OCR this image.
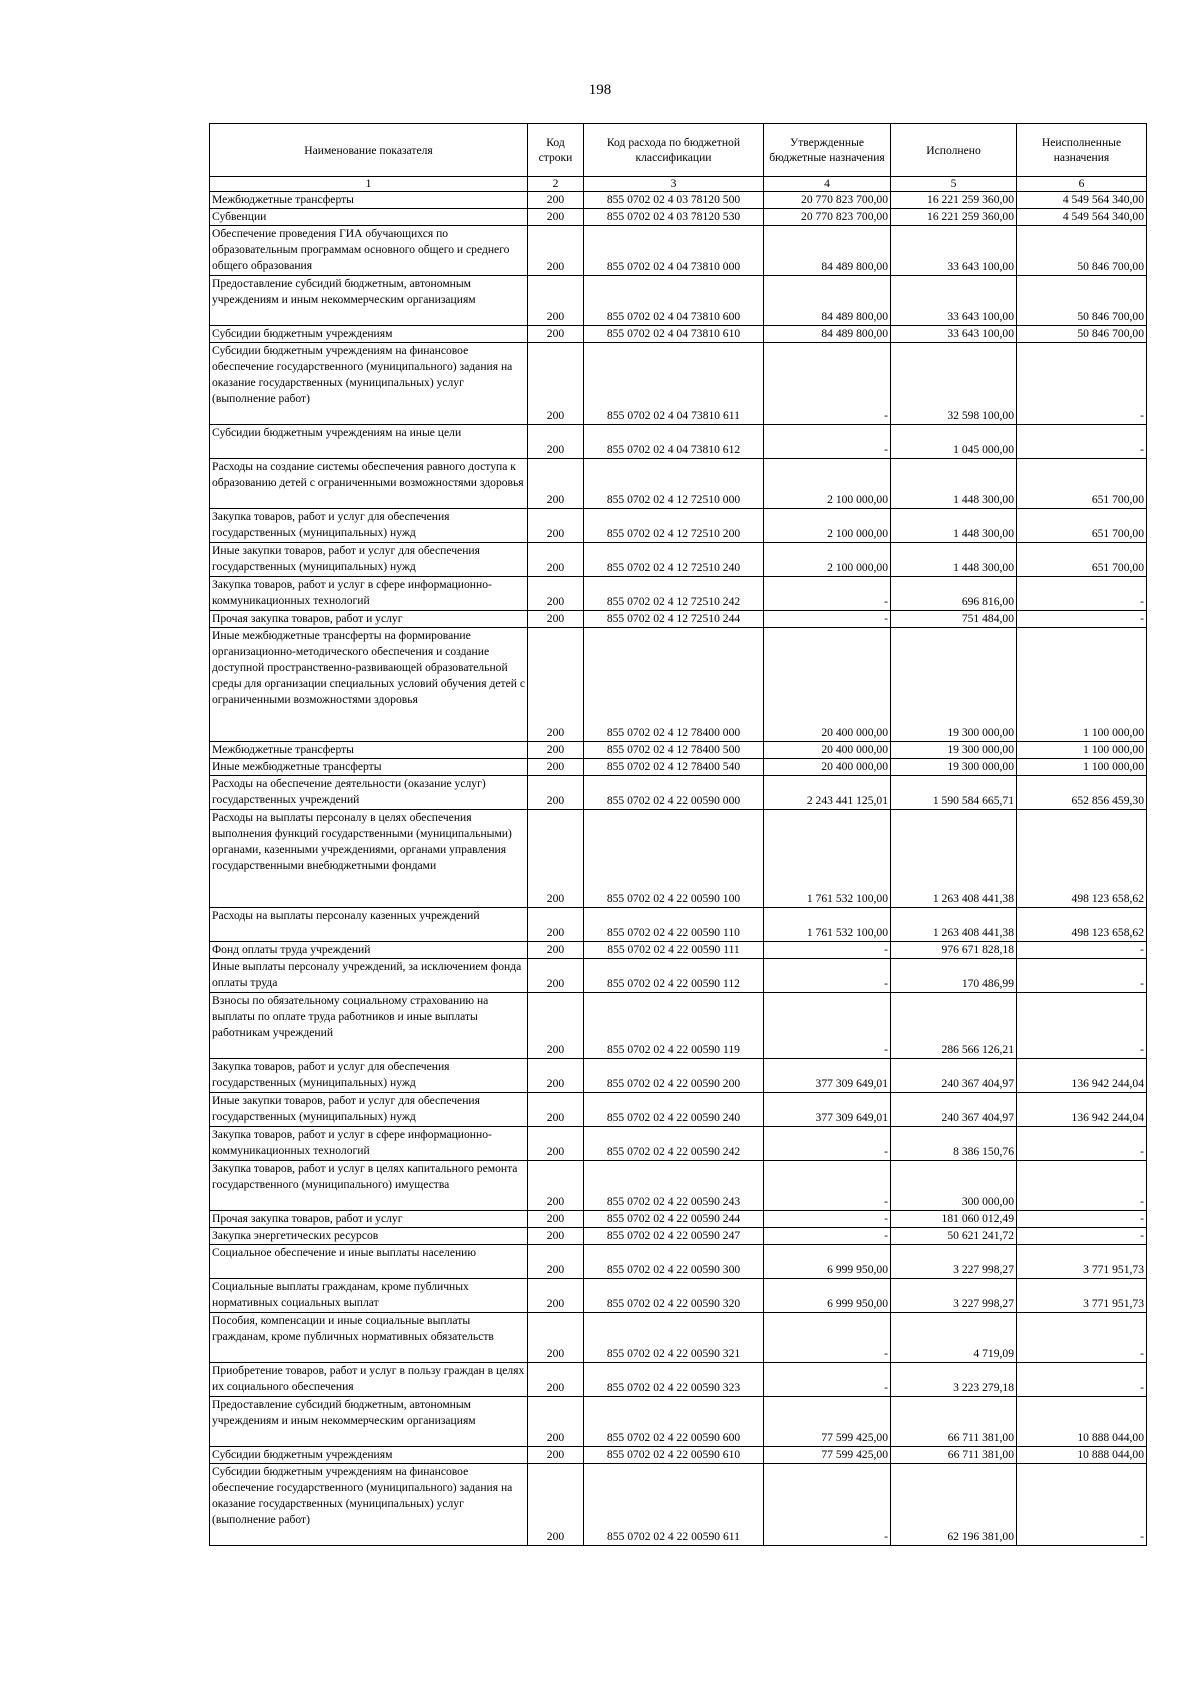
198
Наименование показателя	Код строки	Код расхода по бюджетной классификации	Утвержденные бюджетные назначения	Исполнено	Неисполненные назначения
1	2	3	4	5	6
Межбюджетные трансферты	200	855 0702 02 4 03 78120 500	20 770 823 700,00	16 221 259 360,00	4 549 564 340,00
Субвенции	200	855 0702 02 4 03 78120 530	20 770 823 700,00	16 221 259 360,00	4 549 564 340,00
Обеспечение проведения ГИА обучающихся по образовательным программам основного общего и среднего общего образования	200	855 0702 02 4 04 73810 000	84 489 800,00	33 643 100,00	50 846 700,00
Предоставление субсидий бюджетным, автономным учреждениям и иным некоммерческим организациям	200	855 0702 02 4 04 73810 600	84 489 800,00	33 643 100,00	50 846 700,00
Субсидии бюджетным учреждениям	200	855 0702 02 4 04 73810 610	84 489 800,00	33 643 100,00	50 846 700,00
Субсидии бюджетным учреждениям на финансовое обеспечение государственного (муниципального) задания на оказание государственных (муниципальных) услуг (выполнение работ)	200	855 0702 02 4 04 73810 611	-	32 598 100,00	-
Субсидии бюджетным учреждениям на иные цели	200	855 0702 02 4 04 73810 612	-	1 045 000,00	-
Расходы на создание системы обеспечения равного доступа к образованию детей с ограниченными возможностями здоровья	200	855 0702 02 4 12 72510 000	2 100 000,00	1 448 300,00	651 700,00
Закупка товаров, работ и услуг для обеспечения государственных (муниципальных) нужд	200	855 0702 02 4 12 72510 200	2 100 000,00	1 448 300,00	651 700,00
Иные закупки товаров, работ и услуг для обеспечения государственных (муниципальных) нужд	200	855 0702 02 4 12 72510 240	2 100 000,00	1 448 300,00	651 700,00
Закупка товаров, работ и услуг в сфере информационно-коммуникационных технологий	200	855 0702 02 4 12 72510 242	-	696 816,00	-
Прочая закупка товаров, работ и услуг	200	855 0702 02 4 12 72510 244	-	751 484,00	-
Иные межбюджетные трансферты на формирование организационно-методического обеспечения и создание доступной пространственно-развивающей образовательной среды для организации специальных условий обучения детей с ограниченными возможностями здоровья	200	855 0702 02 4 12 78400 000	20 400 000,00	19 300 000,00	1 100 000,00
Межбюджетные трансферты	200	855 0702 02 4 12 78400 500	20 400 000,00	19 300 000,00	1 100 000,00
Иные межбюджетные трансферты	200	855 0702 02 4 12 78400 540	20 400 000,00	19 300 000,00	1 100 000,00
Расходы на обеспечение деятельности (оказание услуг) государственных учреждений	200	855 0702 02 4 22 00590 000	2 243 441 125,01	1 590 584 665,71	652 856 459,30
Расходы на выплаты персоналу в целях обеспечения выполнения функций государственными (муниципальными) органами, казенными учреждениями, органами управления государственными внебюджетными фондами	200	855 0702 02 4 22 00590 100	1 761 532 100,00	1 263 408 441,38	498 123 658,62
Расходы на выплаты персоналу казенных учреждений	200	855 0702 02 4 22 00590 110	1 761 532 100,00	1 263 408 441,38	498 123 658,62
Фонд оплаты труда учреждений	200	855 0702 02 4 22 00590 111	-	976 671 828,18	-
Иные выплаты персоналу учреждений, за исключением фонда оплаты труда	200	855 0702 02 4 22 00590 112	-	170 486,99	-
Взносы по обязательному социальному страхованию на выплаты по оплате труда работников и иные выплаты работникам учреждений	200	855 0702 02 4 22 00590 119	-	286 566 126,21	-
Закупка товаров, работ и услуг для обеспечения государственных (муниципальных) нужд	200	855 0702 02 4 22 00590 200	377 309 649,01	240 367 404,97	136 942 244,04
Иные закупки товаров, работ и услуг для обеспечения государственных (муниципальных) нужд	200	855 0702 02 4 22 00590 240	377 309 649,01	240 367 404,97	136 942 244,04
Закупка товаров, работ и услуг в сфере информационно-коммуникационных технологий	200	855 0702 02 4 22 00590 242	-	8 386 150,76	-
Закупка товаров, работ и услуг в целях капитального ремонта государственного (муниципального) имущества	200	855 0702 02 4 22 00590 243	-	300 000,00	-
Прочая закупка товаров, работ и услуг	200	855 0702 02 4 22 00590 244	-	181 060 012,49	-
Закупка энергетических ресурсов	200	855 0702 02 4 22 00590 247	-	50 621 241,72	-
Социальное обеспечение и иные выплаты населению	200	855 0702 02 4 22 00590 300	6 999 950,00	3 227 998,27	3 771 951,73
Социальные выплаты гражданам, кроме публичных нормативных социальных выплат	200	855 0702 02 4 22 00590 320	6 999 950,00	3 227 998,27	3 771 951,73
Пособия, компенсации и иные социальные выплаты гражданам, кроме публичных нормативных обязательств	200	855 0702 02 4 22 00590 321	-	4 719,09	-
Приобретение товаров, работ и услуг в пользу граждан в целях их социального обеспечения	200	855 0702 02 4 22 00590 323	-	3 223 279,18	-
Предоставление субсидий бюджетным, автономным учреждениям и иным некоммерческим организациям	200	855 0702 02 4 22 00590 600	77 599 425,00	66 711 381,00	10 888 044,00
Субсидии бюджетным учреждениям	200	855 0702 02 4 22 00590 610	77 599 425,00	66 711 381,00	10 888 044,00
Субсидии бюджетным учреждениям на финансовое обеспечение государственного (муниципального) задания на оказание государственных (муниципальных) услуг (выполнение работ)	200	855 0702 02 4 22 00590 611	-	62 196 381,00	-
